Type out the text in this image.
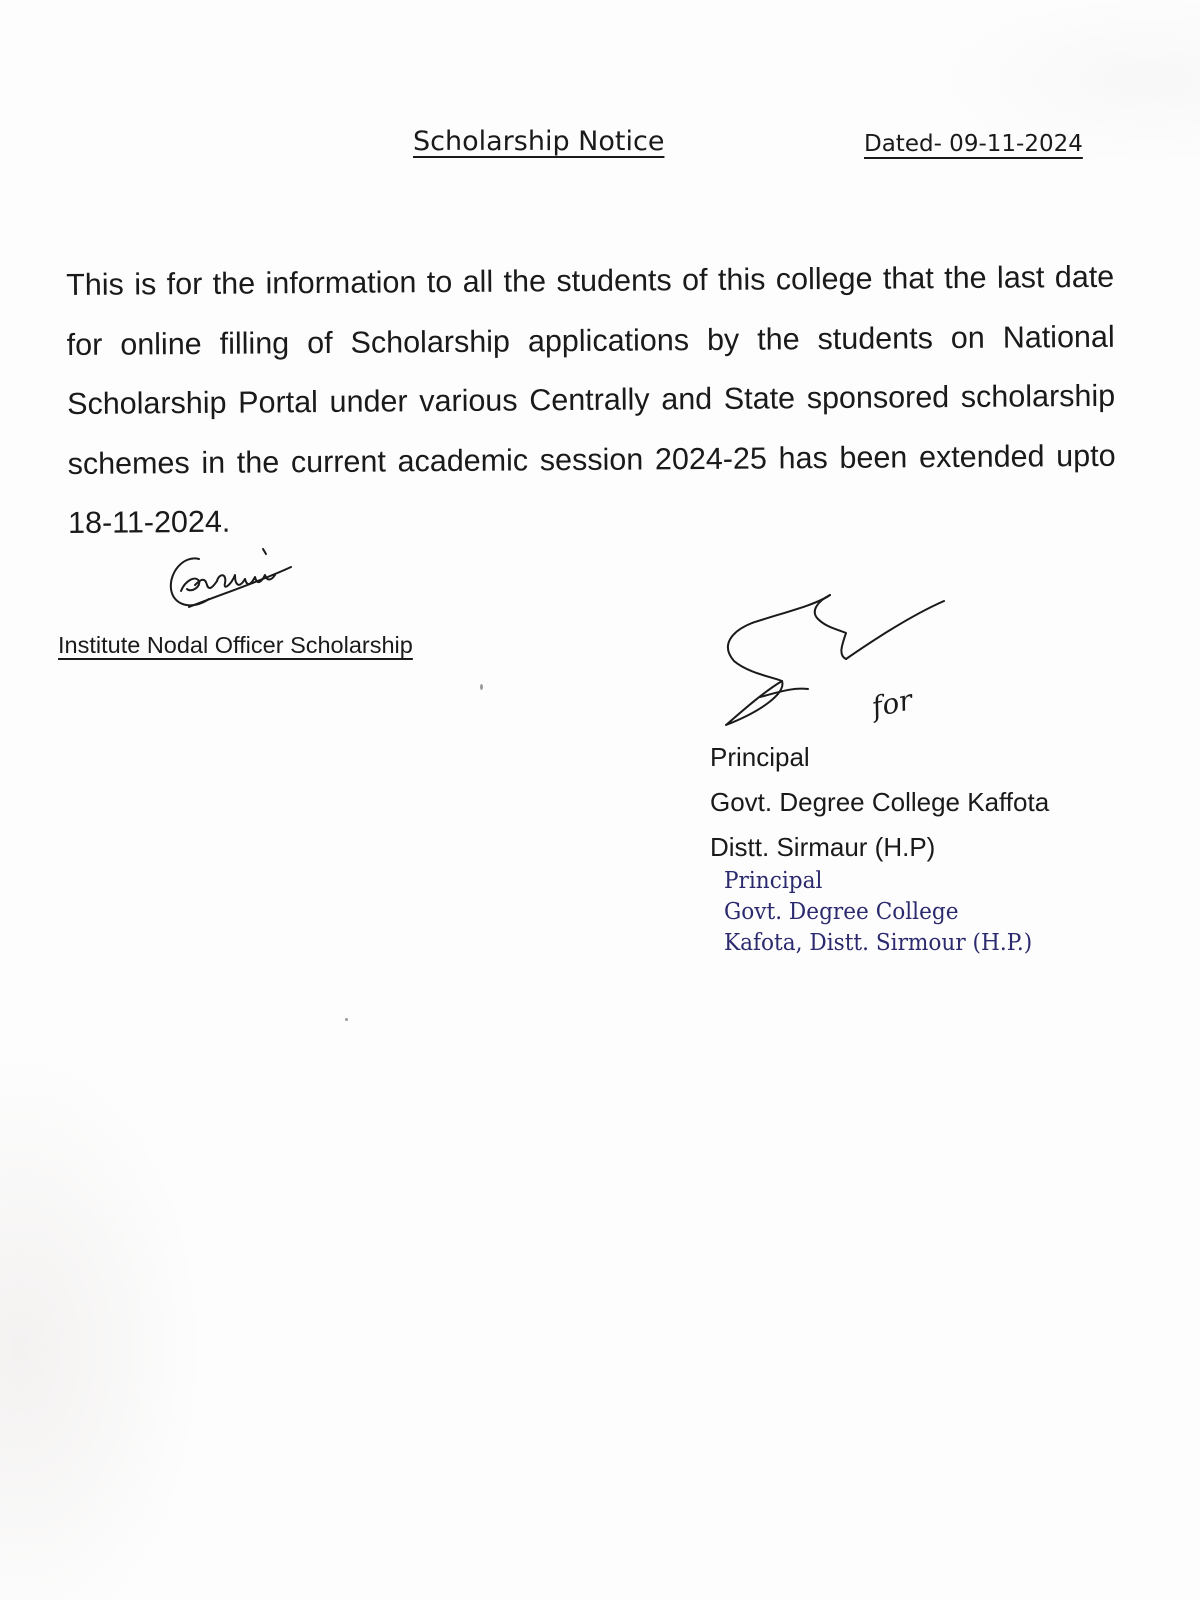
Scholarship Notice	Dated- 09-11-2024
This is for the information to all the students of this college that the last date for online filling of Scholarship applications by the students on National Scholarship Portal under various Centrally and State sponsored scholarship schemes in the current academic session 2024-25 has been extended upto 18-11-2024.
Institute Nodal Officer Scholarship
for
Principal
Govt. Degree College Kaffota
Distt. Sirmaur (H.P)
Principal
Govt. Degree College
Kafota, Distt. Sirmour (H.P.)
